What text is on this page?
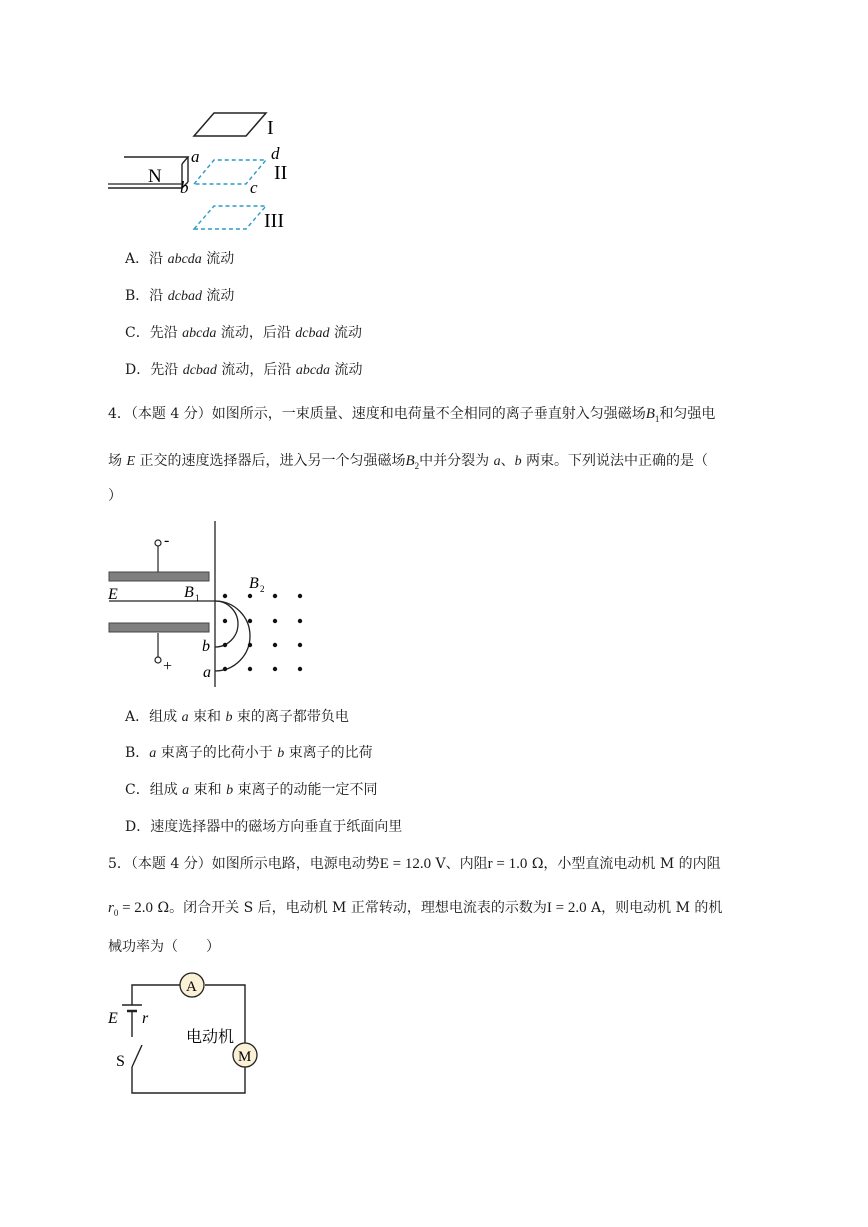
N
a
b	c
d
I
II
III
A．沿 abcda 流动
B．沿 dcbad 流动
C．先沿 abcda 流动，后沿 dcbad 流动
D．先沿 dcbad 流动，后沿 abcda 流动
4．（本题 4 分）如图所示，一束质量、速度和电荷量不全相同的离子垂直射入匀强磁场$B_1$和匀强电
场 E 正交的速度选择器后，进入另一个匀强磁场$B_2$中并分裂为 a、b 两束。下列说法中正确的是（
）
-
+
E	B 1
B 2
b
a
A．组成 a 束和 b 束的离子都带负电
B．a 束离子的比荷小于 b 束离子的比荷
C．组成 a 束和 b 束离子的动能一定不同
D．速度选择器中的磁场方向垂直于纸面向里
5．（本题 4 分）如图所示电路，电源电动势E = 12.0 V、内阻r = 1.0 Ω，小型直流电动机 M 的内阻
$r_0 = 2.0$ Ω。闭合开关 S 后，电动机 M 正常转动，理想电流表的示数为I = 2.0 A，则电动机 M 的机
械功率为（　　）
A
M
电动机
E r
S
